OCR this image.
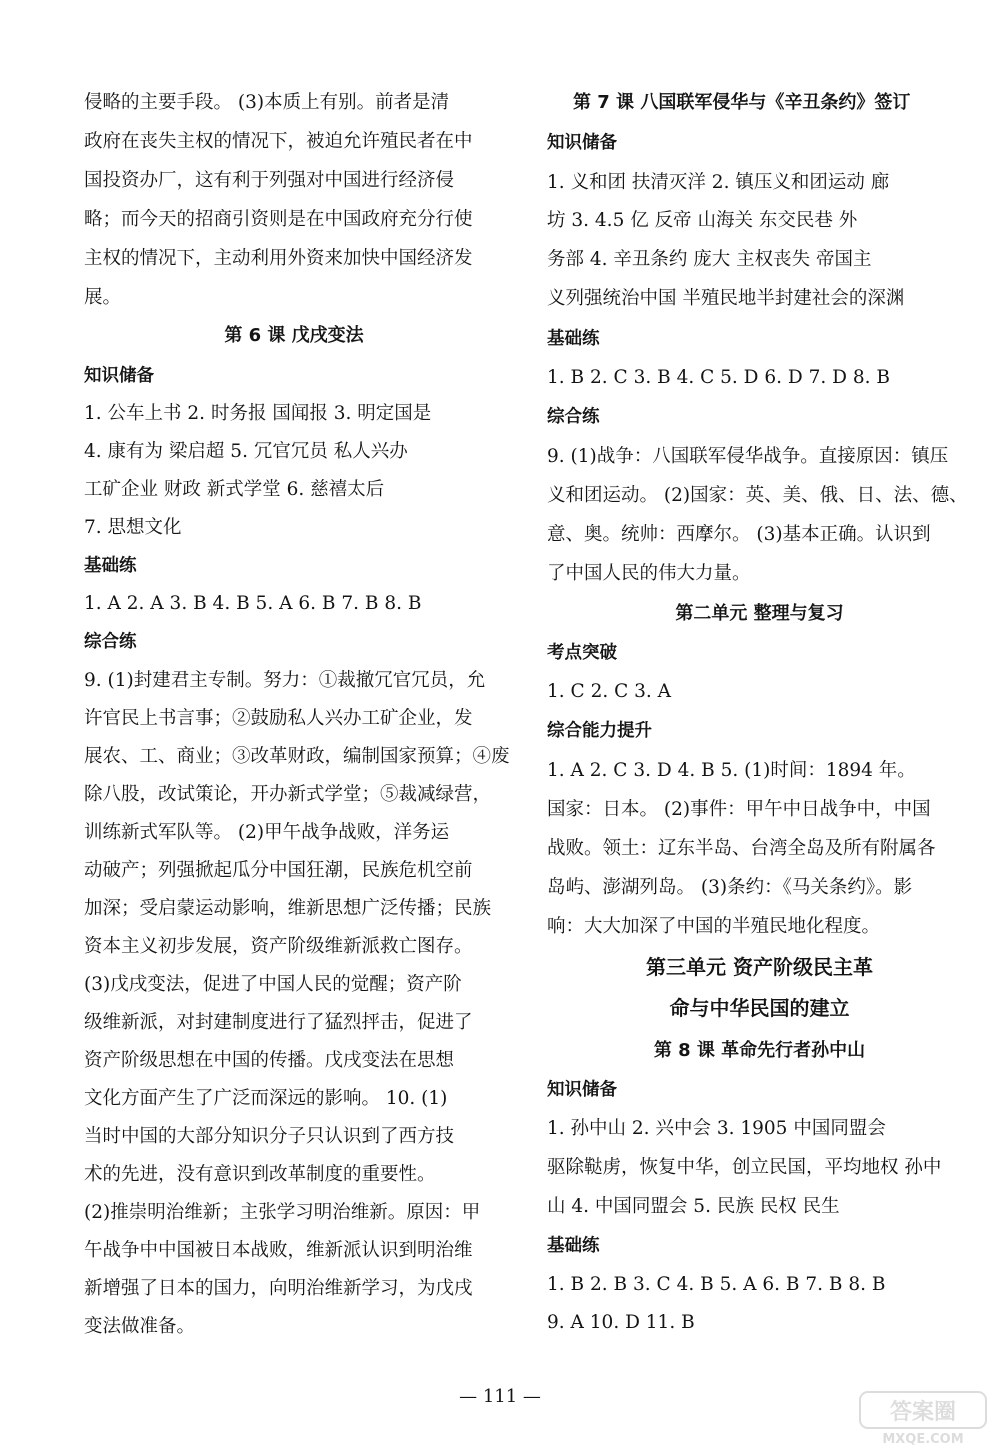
侵略的主要手段。 (3)本质上有别。前者是清
政府在丧失主权的情况下，被迫允许殖民者在中
国投资办厂，这有利于列强对中国进行经济侵
略；而今天的招商引资则是在中国政府充分行使
主权的情况下，主动利用外资来加快中国经济发
展。
第 6 课 戊戌变法
知识储备
1. 公车上书 2. 时务报 国闻报 3. 明定国是
4. 康有为 梁启超 5. 冗官冗员 私人兴办
工矿企业 财政 新式学堂 6. 慈禧太后
7. 思想文化
基础练
1. A 2. A 3. B 4. B 5. A 6. B 7. B 8. B
综合练
9. (1)封建君主专制。努力：①裁撤冗官冗员，允
许官民上书言事；②鼓励私人兴办工矿企业，发
展农、工、商业；③改革财政，编制国家预算；④废
除八股，改试策论，开办新式学堂；⑤裁减绿营，
训练新式军队等。 (2)甲午战争战败，洋务运
动破产；列强掀起瓜分中国狂潮，民族危机空前
加深；受启蒙运动影响，维新思想广泛传播；民族
资本主义初步发展，资产阶级维新派救亡图存。
(3)戊戌变法，促进了中国人民的觉醒；资产阶
级维新派，对封建制度进行了猛烈抨击，促进了
资产阶级思想在中国的传播。戊戌变法在思想
文化方面产生了广泛而深远的影响。 10. (1)
当时中国的大部分知识分子只认识到了西方技
术的先进，没有意识到改革制度的重要性。
(2)推崇明治维新；主张学习明治维新。原因：甲
午战争中中国被日本战败，维新派认识到明治维
新增强了日本的国力，向明治维新学习，为戊戌
变法做准备。
第 7 课 八国联军侵华与《辛丑条约》签订
知识储备
1. 义和团 扶清灭洋 2. 镇压义和团运动 廊
坊 3. 4.5 亿 反帝 山海关 东交民巷 外
务部 4. 辛丑条约 庞大 主权丧失 帝国主
义列强统治中国 半殖民地半封建社会的深渊
基础练
1. B 2. C 3. B 4. C 5. D 6. D 7. D 8. B
综合练
9. (1)战争：八国联军侵华战争。直接原因：镇压
义和团运动。 (2)国家：英、美、俄、日、法、德、
意、奥。统帅：西摩尔。 (3)基本正确。认识到
了中国人民的伟大力量。
第二单元 整理与复习
考点突破
1. C 2. C 3. A
综合能力提升
1. A 2. C 3. D 4. B 5. (1)时间：1894 年。
国家：日本。 (2)事件：甲午中日战争中，中国
战败。领土：辽东半岛、台湾全岛及所有附属各
岛屿、澎湖列岛。 (3)条约：《马关条约》。影
响：大大加深了中国的半殖民地化程度。
第三单元 资产阶级民主革
命与中华民国的建立
第 8 课 革命先行者孙中山
知识储备
1. 孙中山 2. 兴中会 3. 1905 中国同盟会
驱除鞑虏，恢复中华，创立民国，平均地权 孙中
山 4. 中国同盟会 5. 民族 民权 民生
基础练
1. B 2. B 3. C 4. B 5. A 6. B 7. B 8. B
9. A 10. D 11. B
— 111 —
答案圈
MXQE.COM
